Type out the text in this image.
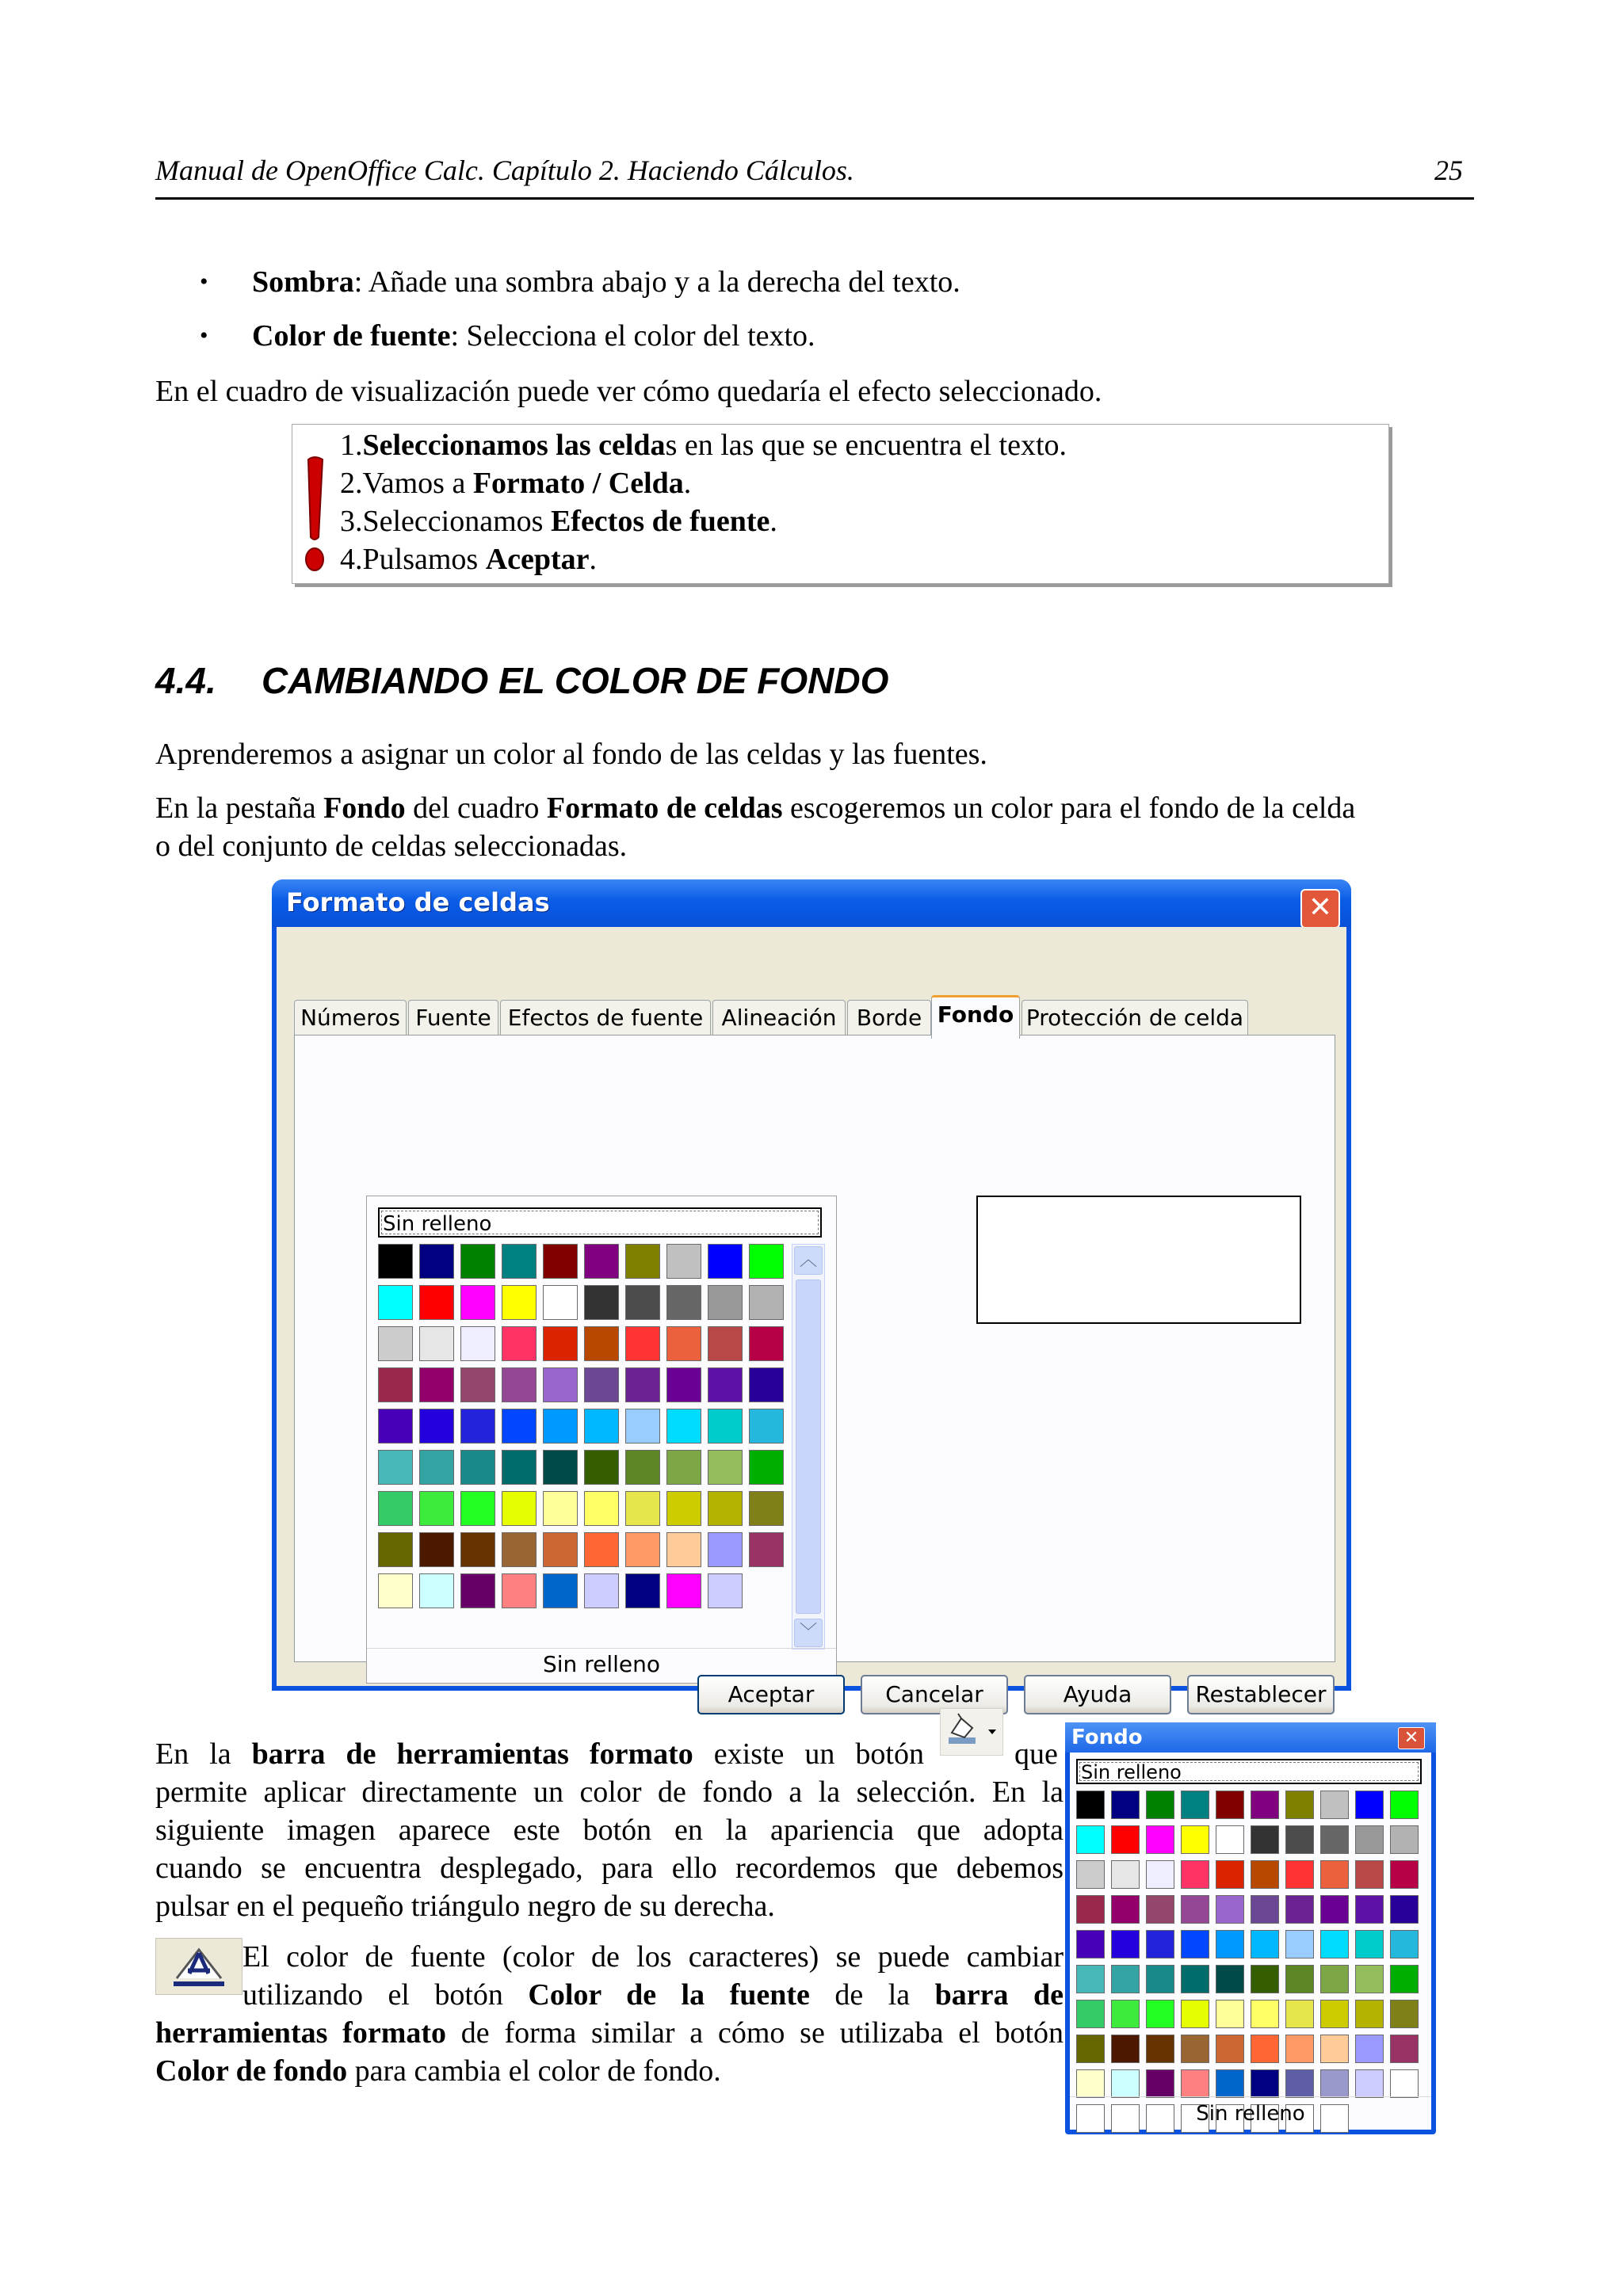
Manual de OpenOffice Calc. Capítulo 2. Haciendo Cálculos.	25
• Sombra: Añade una sombra abajo y a la derecha del texto.
• Color de fuente: Selecciona el color del texto.
En el cuadro de visualización puede ver cómo quedaría el efecto seleccionado.
1.Seleccionamos las celdas en las que se encuentra el texto.
2.Vamos a Formato / Celda.
3.Seleccionamos Efectos de fuente.
4.Pulsamos Aceptar.
4.4. CAMBIANDO EL COLOR DE FONDO
Aprenderemos a asignar un color al fondo de las celdas y las fuentes.
En la pestaña Fondo del cuadro Formato de celdas escogeremos un color para el fondo de la celda
o del conjunto de celdas seleccionadas.
Formato de celdas	✕
Números Fuente Efectos de fuente Alineación Borde Fondo Protección de celda
Sin relleno
︿
﹀
Sin relleno
Aceptar	Cancelar	Ayuda	Restablecer
En la barra de herramientas formato existe un botón	que
permite aplicar directamente un color de fondo a la selección. En la
siguiente imagen aparece este botón en la apariencia que adopta
cuando se encuentra desplegado, para ello recordemos que debemos
pulsar en el pequeño triángulo negro de su derecha.
El color de fuente (color de los caracteres) se puede cambiar
utilizando el botón Color de la fuente de la barra de
herramientas formato de forma similar a cómo se utilizaba el botón
Color de fondo para cambia el color de fondo.
Fondo	✕
Sin relleno
Sin relleno
